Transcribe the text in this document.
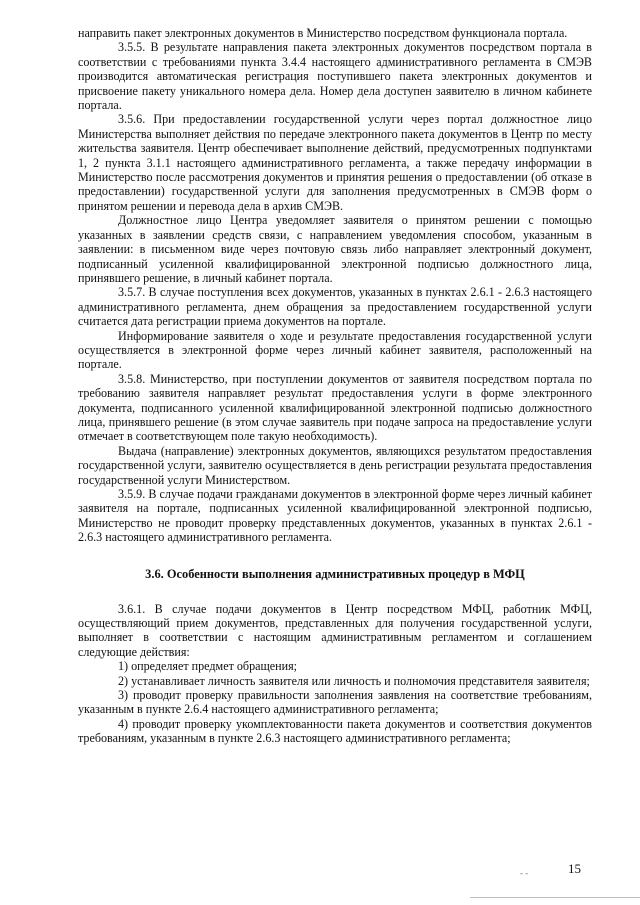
направить пакет электронных документов в Министерство посредством функционала портала.

3.5.5. В результате направления пакета электронных документов посредством портала в соответствии с требованиями пункта 3.4.4 настоящего административного регламента в СМЭВ производится автоматическая регистрация поступившего пакета электронных документов и присвоение пакету уникального номера дела. Номер дела доступен заявителю в личном кабинете портала.

3.5.6. При предоставлении государственной услуги через портал должностное лицо Министерства выполняет действия по передаче электронного пакета документов в Центр по месту жительства заявителя. Центр обеспечивает выполнение действий, предусмотренных подпунктами 1, 2 пункта 3.1.1 настоящего административного регламента, а также передачу информации в Министерство после рассмотрения документов и принятия решения о предоставлении (об отказе в предоставлении) государственной услуги для заполнения предусмотренных в СМЭВ форм о принятом решении и перевода дела в архив СМЭВ.

Должностное лицо Центра уведомляет заявителя о принятом решении с помощью указанных в заявлении средств связи, с направлением уведомления способом, указанным в заявлении: в письменном виде через почтовую связь либо направляет электронный документ, подписанный усиленной квалифицированной электронной подписью должностного лица, принявшего решение, в личный кабинет портала.

3.5.7. В случае поступления всех документов, указанных в пунктах 2.6.1 - 2.6.3 настоящего административного регламента, днем обращения за предоставлением государственной услуги считается дата регистрации приема документов на портале.

Информирование заявителя о ходе и результате предоставления государственной услуги осуществляется в электронной форме через личный кабинет заявителя, расположенный на портале.

3.5.8. Министерство, при поступлении документов от заявителя посредством портала по требованию заявителя направляет результат предоставления услуги в форме электронного документа, подписанного усиленной квалифицированной электронной подписью должностного лица, принявшего решение (в этом случае заявитель при подаче запроса на предоставление услуги отмечает в соответствующем поле такую необходимость).

Выдача (направление) электронных документов, являющихся результатом предоставления государственной услуги, заявителю осуществляется в день регистрации результата предоставления государственной услуги Министерством.

3.5.9. В случае подачи гражданами документов в электронной форме через личный кабинет заявителя на портале, подписанных усиленной квалифицированной электронной подписью, Министерство не проводит проверку представленных документов, указанных в пунктах 2.6.1 - 2.6.3 настоящего административного регламента.

3.6. Особенности выполнения административных процедур в МФЦ

3.6.1. В случае подачи документов в Центр посредством МФЦ, работник МФЦ, осуществляющий прием документов, представленных для получения государственной услуги, выполняет в соответствии с настоящим административным регламентом и соглашением следующие действия:

1) определяет предмет обращения;

2) устанавливает личность заявителя или личность и полномочия представителя заявителя;

3) проводит проверку правильности заполнения заявления на соответствие требованиям, указанным в пункте 2.6.4 настоящего административного регламента;

4) проводит проверку укомплектованности пакета документов и соответствия документов требованиям, указанным в пункте 2.6.3 настоящего административного регламента;

- -	15
